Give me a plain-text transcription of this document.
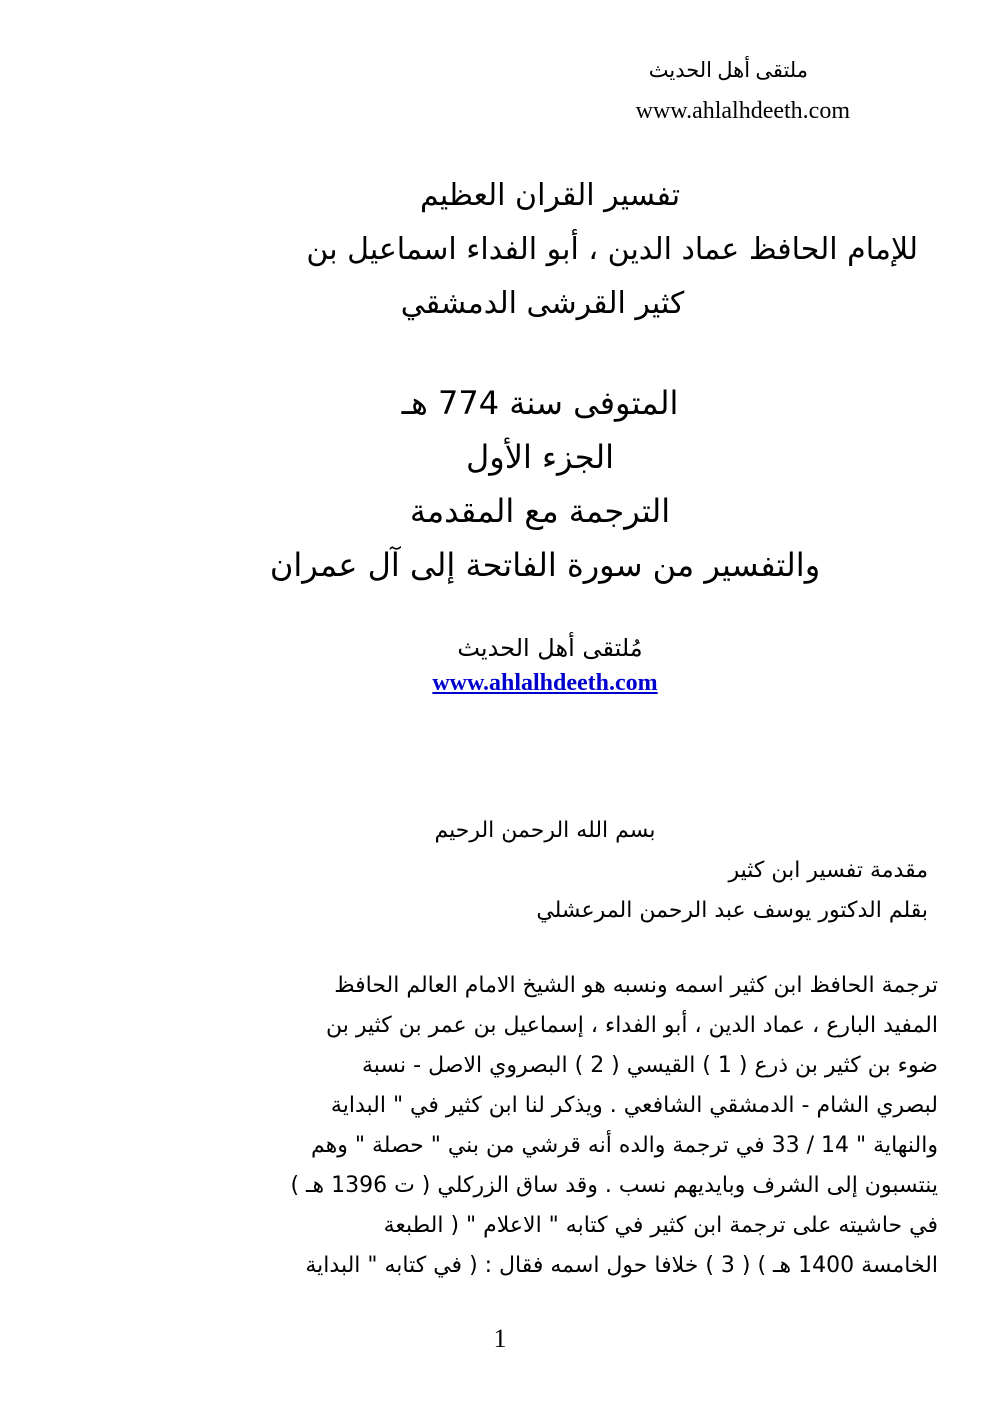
ملتقى أهل الحديث
www.ahlalhdeeth.com
تفسير القران العظيم
للإمام الحافظ عماد الدين ، أبو الفداء اسماعيل بن
كثير القرشى الدمشقي
المتوفى سنة 774 هـ
الجزء الأول
الترجمة مع المقدمة
والتفسير من سورة الفاتحة إلى آل عمران
مُلتقى أهل الحديث
www.ahlalhdeeth.com
بسم الله الرحمن الرحيم
مقدمة تفسير ابن كثير
بقلم الدكتور يوسف عبد الرحمن المرعشلي
ترجمة الحافظ ابن كثير اسمه ونسبه هو الشيخ الامام العالم الحافظ
المفيد البارع ، عماد الدين ، أبو الفداء ، إسماعيل بن عمر بن كثير بن
ضوء بن كثير بن ذرع ( 1 ) القيسي ( 2 ) البصروي الاصل - نسبة
لبصري الشام - الدمشقي الشافعي . ويذكر لنا ابن كثير في " البداية
والنهاية " 14 / 33 في ترجمة والده أنه قرشي من بني " حصلة " وهم
ينتسبون إلى الشرف وبايديهم نسب . وقد ساق الزركلي ( ت 1396 هـ )
في حاشيته على ترجمة ابن كثير في كتابه " الاعلام " ( الطبعة
الخامسة 1400 هـ ) ( 3 ) خلافا حول اسمه فقال : ( في كتابه " البداية
1
